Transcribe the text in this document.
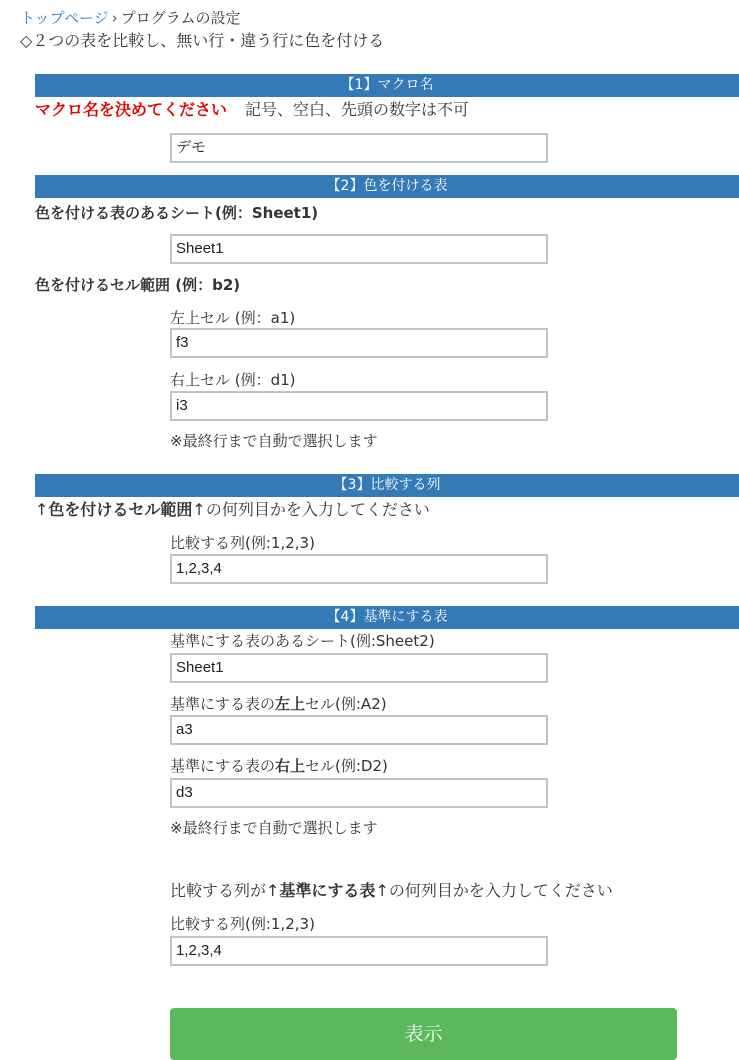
トップページ › プログラムの設定
◇２つの表を比較し、無い行・違う行に色を付ける
【1】マクロ名
マクロ名を決めてください 記号、空白、先頭の数字は不可
デモ
【2】色を付ける表
色を付ける表のあるシート(例：Sheet1)
Sheet1
色を付けるセル範囲 (例：b2)
左上セル (例：a1)
f3
右上セル (例：d1)
i3
※最終行まで自動で選択します
【3】比較する列
↑色を付けるセル範囲↑の何列目かを入力してください
比較する列(例:1,2,3)
1,2,3,4
【4】基準にする表
基準にする表のあるシート(例:Sheet2)
Sheet1
基準にする表の左上セル(例:A2)
a3
基準にする表の右上セル(例:D2)
d3
※最終行まで自動で選択します
比較する列が↑基準にする表↑の何列目かを入力してください
比較する列(例:1,2,3)
1,2,3,4
表示
